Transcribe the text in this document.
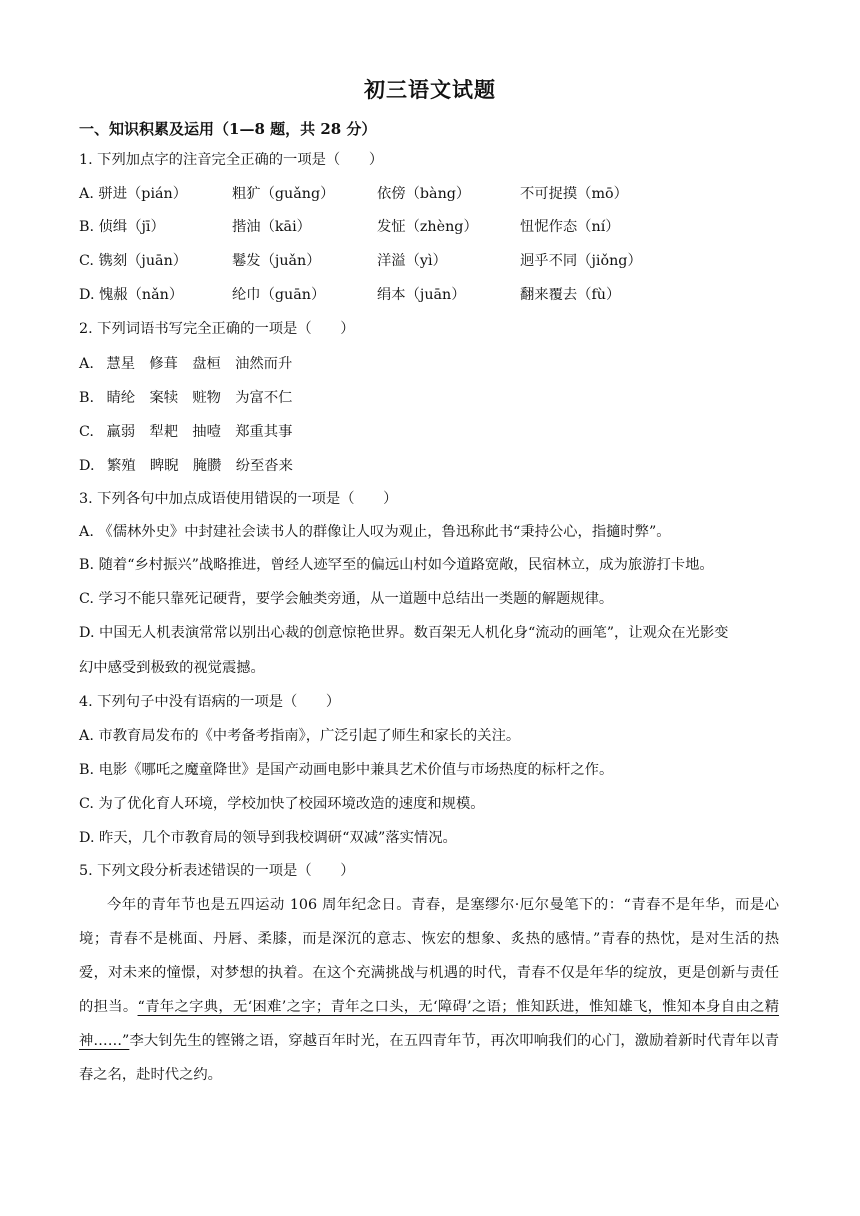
初三语文试题
一、知识积累及运用（1—8 题，共 28 分）
1. 下列加点字的注音完全正确的一项是（　　）
A. 骈进（pián）	粗犷（guǎng）	依傍（bàng）	不可捉摸（mō）
B. 侦缉（jī）	揩油（kāi）	发怔（zhèng）	忸怩作态（ní）
C. 镌刻（juān）	鬈发（juǎn）	洋溢（yì）	迥乎不同（jiǒng）
D. 愧赧（nǎn）	纶巾（guān）	绢本（juān）	翻来覆去（fù）
2. 下列词语书写完全正确的一项是（　　）
A. 慧星　修葺　盘桓　油然而升
B. 睛纶　案犊　赃物　为富不仁
C. 羸弱　犁耙　抽噎　郑重其事
D. 繁殖　睥睨　腌臜　纷至沓来
3. 下列各句中加点成语使用错误的一项是（　　）
A. 《儒林外史》中封建社会读书人的群像让人叹为观止，鲁迅称此书“秉持公心，指擿时弊”。
B. 随着“乡村振兴”战略推进，曾经人迹罕至的偏远山村如今道路宽敞，民宿林立，成为旅游打卡地。
C. 学习不能只靠死记硬背，要学会触类旁通，从一道题中总结出一类题的解题规律。
D. 中国无人机表演常常以别出心裁的创意惊艳世界。数百架无人机化身“流动的画笔”，让观众在光影变
幻中感受到极致的视觉震撼。
4. 下列句子中没有语病的一项是（　　）
A. 市教育局发布的《中考备考指南》，广泛引起了师生和家长的关注。
B. 电影《哪吒之魔童降世》是国产动画电影中兼具艺术价值与市场热度的标杆之作。
C. 为了优化育人环境，学校加快了校园环境改造的速度和规模。
D. 昨天，几个市教育局的领导到我校调研“双减”落实情况。
5. 下列文段分析表述错误的一项是（　　）
今年的青年节也是五四运动 106 周年纪念日。青春，是塞缪尔·厄尔曼笔下的：“青春不是年华，而是心境；青春不是桃面、丹唇、柔膝，而是深沉的意志、恢宏的想象、炙热的感情。”青春的热忱，是对生活的热爱，对未来的憧憬，对梦想的执着。在这个充满挑战与机遇的时代，青春不仅是年华的绽放，更是创新与责任的担当。“青年之字典，无‘困难’之字；青年之口头，无‘障碍’之语；惟知跃进，惟知雄飞，惟知本身自由之精神……”李大钊先生的铿锵之语，穿越百年时光，在五四青年节，再次叩响我们的心门，激励着新时代青年以青春之名，赴时代之约。
